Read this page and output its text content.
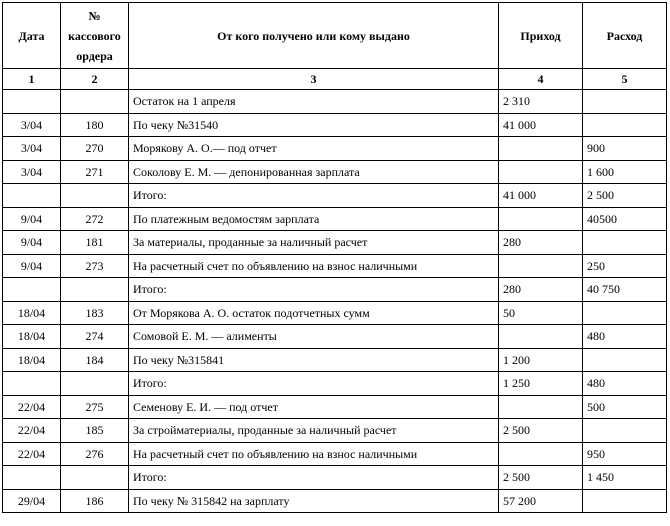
Дата	№ кассового ордера	От кого получено или кому выдано	Приход	Расход
1	2	3	4	5
		Остаток на 1 апреля	2 310	
3/04	180	По чеку №31540	41 000	
3/04	270	Морякову А. О.— под отчет		900
3/04	271	Соколову Е. М. — депонированная зарплата		1 600
		Итого:	41 000	2 500
9/04	272	По платежным ведомостям зарплата		40500
9/04	181	За материалы, проданные за наличный расчет	280	
9/04	273	На расчетный счет по объявлению на взнос наличными		250
		Итого:	280	40 750
18/04	183	От Морякова А. О. остаток подотчетных сумм	50	
18/04	274	Сомовой Е. М. — алименты		480
18/04	184	По чеку №315841	1 200	
		Итого:	1 250	480
22/04	275	Семенову Е. И. — под отчет		500
22/04	185	За стройматериалы, проданные за наличный расчет	2 500	
22/04	276	На расчетный счет по объявлению на взнос наличными		950
		Итого:	2 500	1 450
29/04	186	По чеку № 315842 на зарплату	57 200	
